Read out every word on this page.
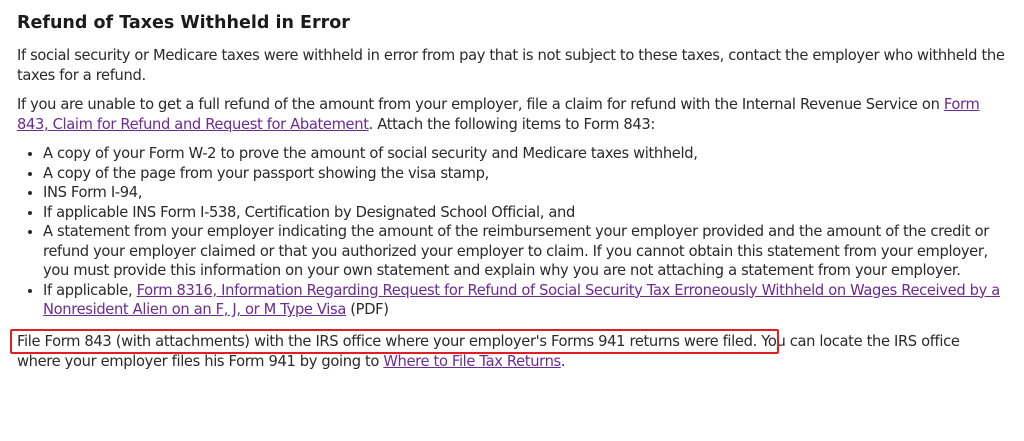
Refund of Taxes Withheld in Error

If social security or Medicare taxes were withheld in error from pay that is not subject to these taxes, contact the employer who withheld the taxes for a refund.

If you are unable to get a full refund of the amount from your employer, file a claim for refund with the Internal Revenue Service on Form 843, Claim for Refund and Request for Abatement. Attach the following items to Form 843:

• A copy of your Form W-2 to prove the amount of social security and Medicare taxes withheld,
• A copy of the page from your passport showing the visa stamp,
• INS Form I-94,
• If applicable INS Form I-538, Certification by Designated School Official, and
• A statement from your employer indicating the amount of the reimbursement your employer provided and the amount of the credit or refund your employer claimed or that you authorized your employer to claim. If you cannot obtain this statement from your employer, you must provide this information on your own statement and explain why you are not attaching a statement from your employer.
• If applicable, Form 8316, Information Regarding Request for Refund of Social Security Tax Erroneously Withheld on Wages Received by a Nonresident Alien on an F, J, or M Type Visa (PDF)

File Form 843 (with attachments) with the IRS office where your employer's Forms 941 returns were filed. You can locate the IRS office where your employer files his Form 941 by going to Where to File Tax Returns.
